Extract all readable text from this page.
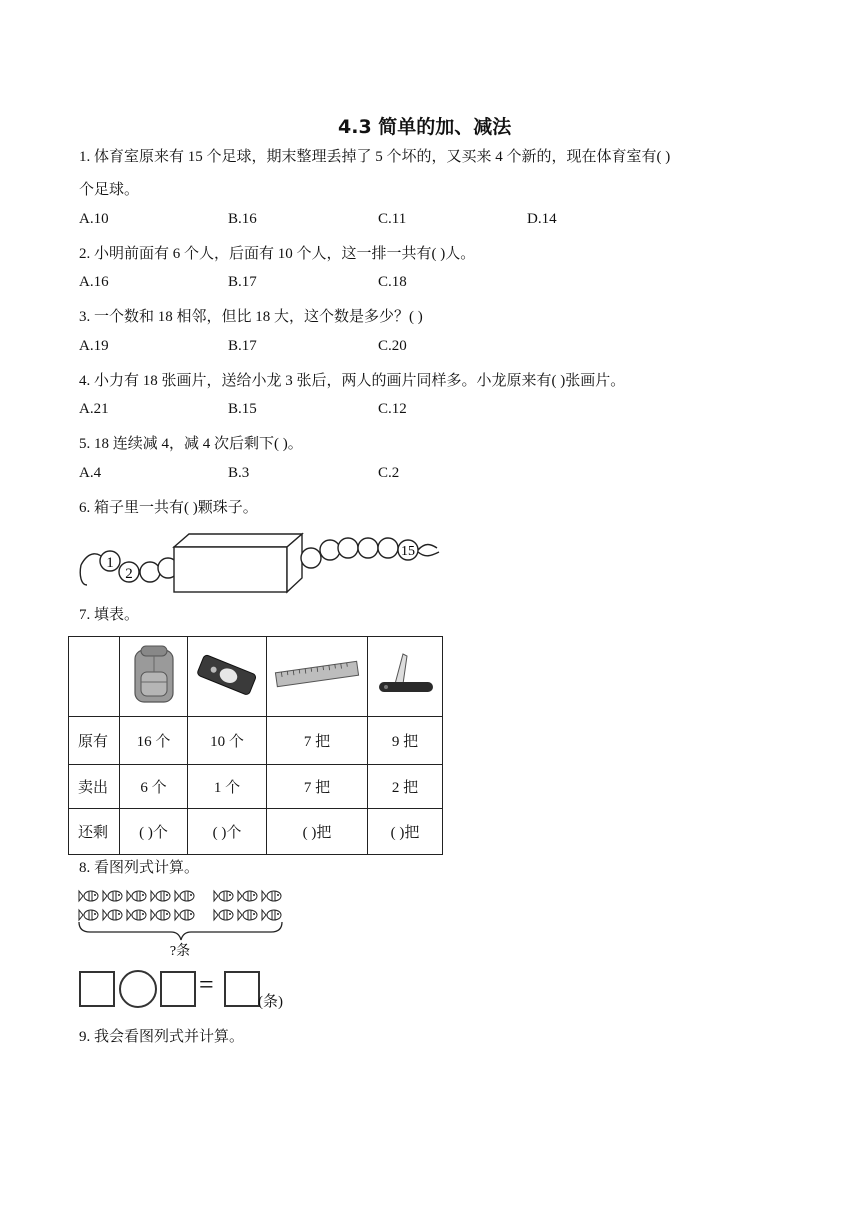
4.3 简单的加、减法
1. 体育室原来有 15 个足球，期末整理丢掉了 5 个坏的，又买来 4 个新的，现在体育室有( )
个足球。
A.10	B.16	C.11	D.14
2. 小明前面有 6 个人，后面有 10 个人，这一排一共有( )人。
A.16	B.17	C.18
3. 一个数和 18 相邻，但比 18 大，这个数是多少？( )
A.19	B.17	C.20
4. 小力有 18 张画片，送给小龙 3 张后，两人的画片同样多。小龙原来有( )张画片。
A.21	B.15	C.12
5. 18 连续减 4，减 4 次后剩下( )。
A.4	B.3	C.2
6. 箱子里一共有( )颗珠子。
1
2
15
7. 填表。

原有	16 个	10 个	7 把	9 把
卖出	6 个	1 个	7 把	2 把
还剩	( )个	( )个	( )把	( )把
8. 看图列式计算。
?条
=
(条)
9. 我会看图列式并计算。
